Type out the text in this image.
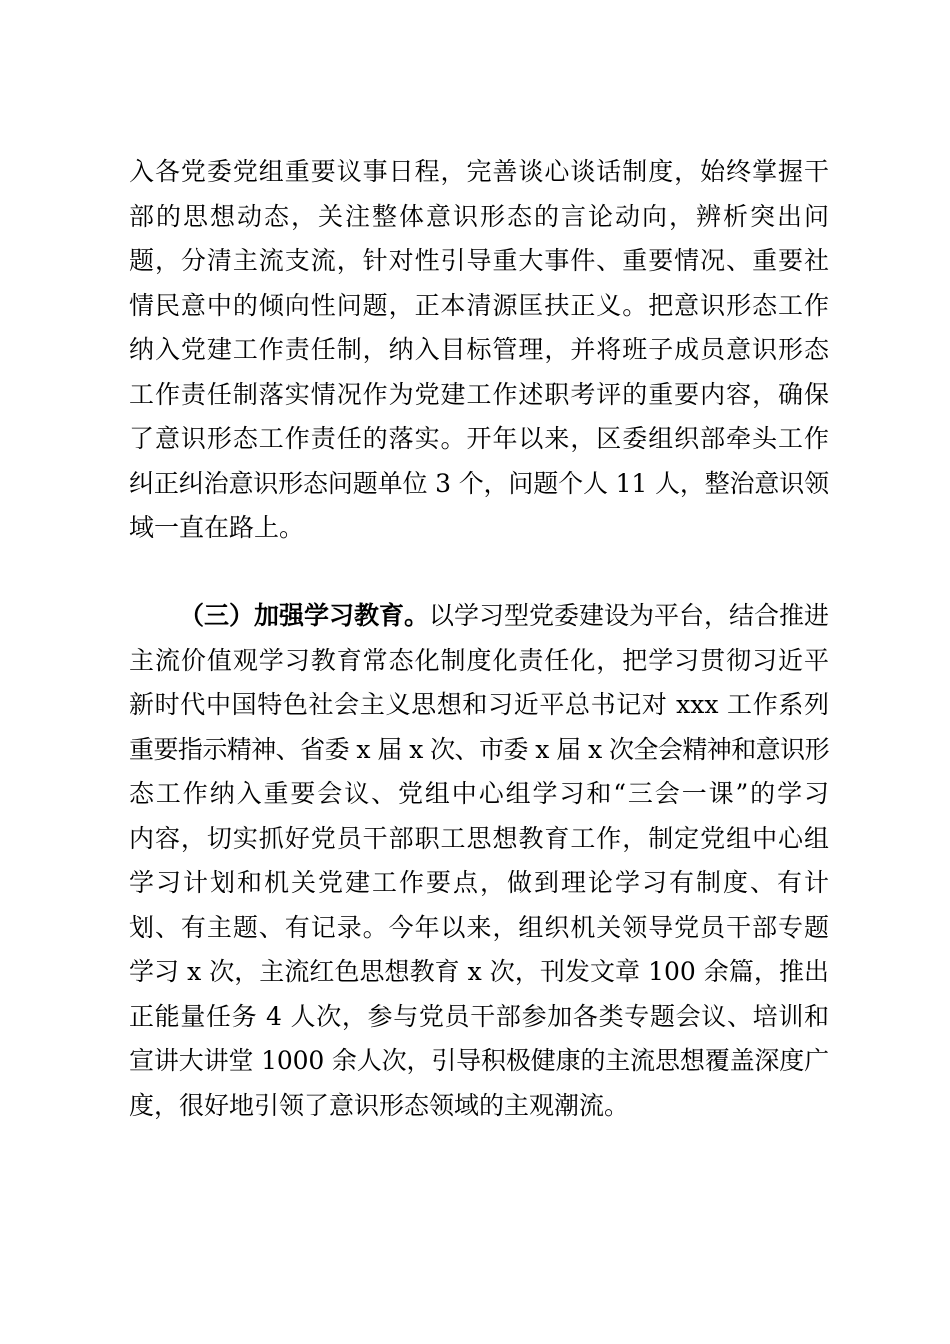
入各党委党组重要议事日程，完善谈心谈话制度，始终掌握干
部的思想动态，关注整体意识形态的言论动向，辨析突出问
题，分清主流支流，针对性引导重大事件、重要情况、重要社
情民意中的倾向性问题，正本清源匡扶正义。把意识形态工作
纳入党建工作责任制，纳入目标管理，并将班子成员意识形态
工作责任制落实情况作为党建工作述职考评的重要内容，确保
了意识形态工作责任的落实。开年以来，区委组织部牵头工作
纠正纠治意识形态问题单位 3 个，问题个人 11 人，整治意识领
域一直在路上。
（三）加强学习教育。以学习型党委建设为平台，结合推进
主流价值观学习教育常态化制度化责任化，把学习贯彻习近平
新时代中国特色社会主义思想和习近平总书记对 xxx 工作系列
重要指示精神、省委 x 届 x 次、市委 x 届 x 次全会精神和意识形
态工作纳入重要会议、党组中心组学习和“三会一课”的学习
内容，切实抓好党员干部职工思想教育工作，制定党组中心组
学习计划和机关党建工作要点，做到理论学习有制度、有计
划、有主题、有记录。今年以来，组织机关领导党员干部专题
学习 x 次，主流红色思想教育 x 次，刊发文章 100 余篇，推出
正能量任务 4 人次，参与党员干部参加各类专题会议、培训和
宣讲大讲堂 1000 余人次，引导积极健康的主流思想覆盖深度广
度，很好地引领了意识形态领域的主观潮流。
